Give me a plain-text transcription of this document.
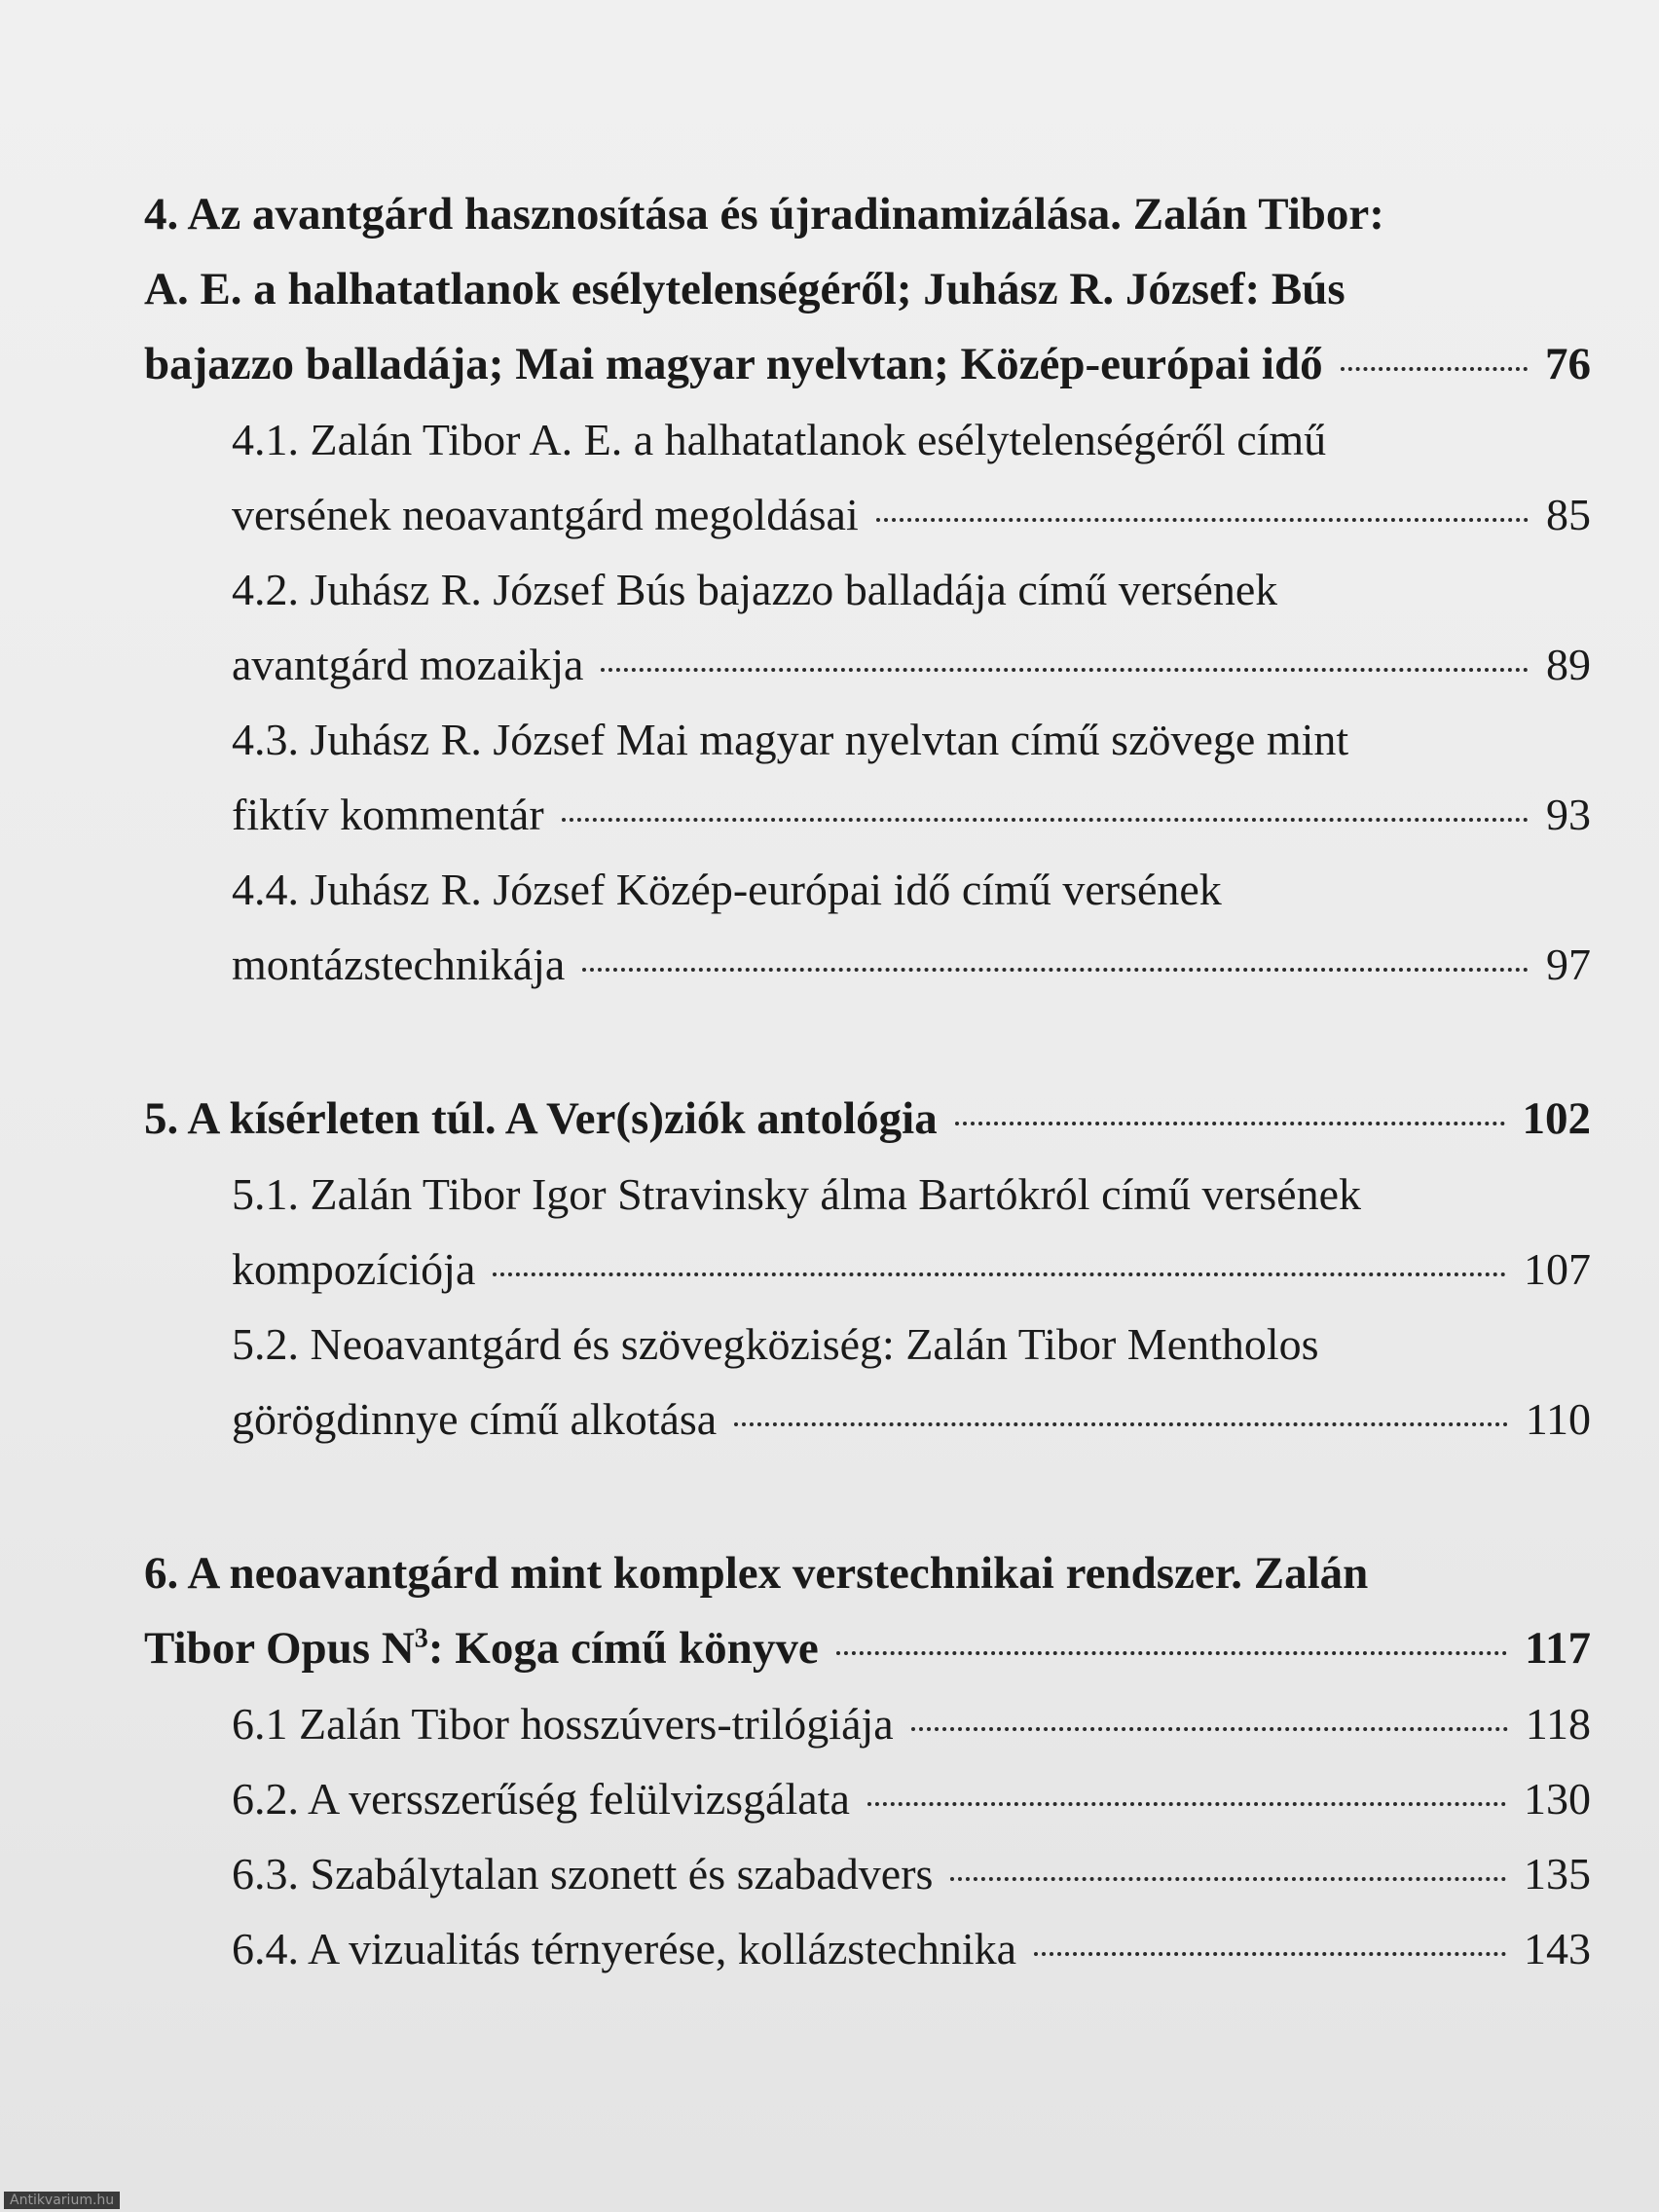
4. Az avantgárd hasznosítása és újradinamizálása. Zalán Tibor:
A. E. a halhatatlanok esélytelenségéről; Juhász R. József: Bús
bajazzo balladája; Mai magyar nyelvtan; Közép-európai idő	76
4.1. Zalán Tibor A. E. a halhatatlanok esélytelenségéről című
versének neoavantgárd megoldásai	85
4.2. Juhász R. József Bús bajazzo balladája című versének
avantgárd mozaikja	89
4.3. Juhász R. József Mai magyar nyelvtan című szövege mint
fiktív kommentár	93
4.4. Juhász R. József Közép-európai idő című versének
montázstechnikája	97
5. A kísérleten túl. A Ver(s)ziók antológia	102
5.1. Zalán Tibor Igor Stravinsky álma Bartókról című versének
kompozíciója	107
5.2. Neoavantgárd és szövegköziség: Zalán Tibor Mentholos
görögdinnye című alkotása	110
6. A neoavantgárd mint komplex verstechnikai rendszer. Zalán
Tibor Opus $N^3$: Koga című könyve	117
6.1 Zalán Tibor hosszúvers-trilógiája	118
6.2. A versszerűség felülvizsgálata	130
6.3. Szabálytalan szonett és szabadvers	135
6.4. A vizualitás térnyerése, kollázstechnika	143
Antikvarium.hu
